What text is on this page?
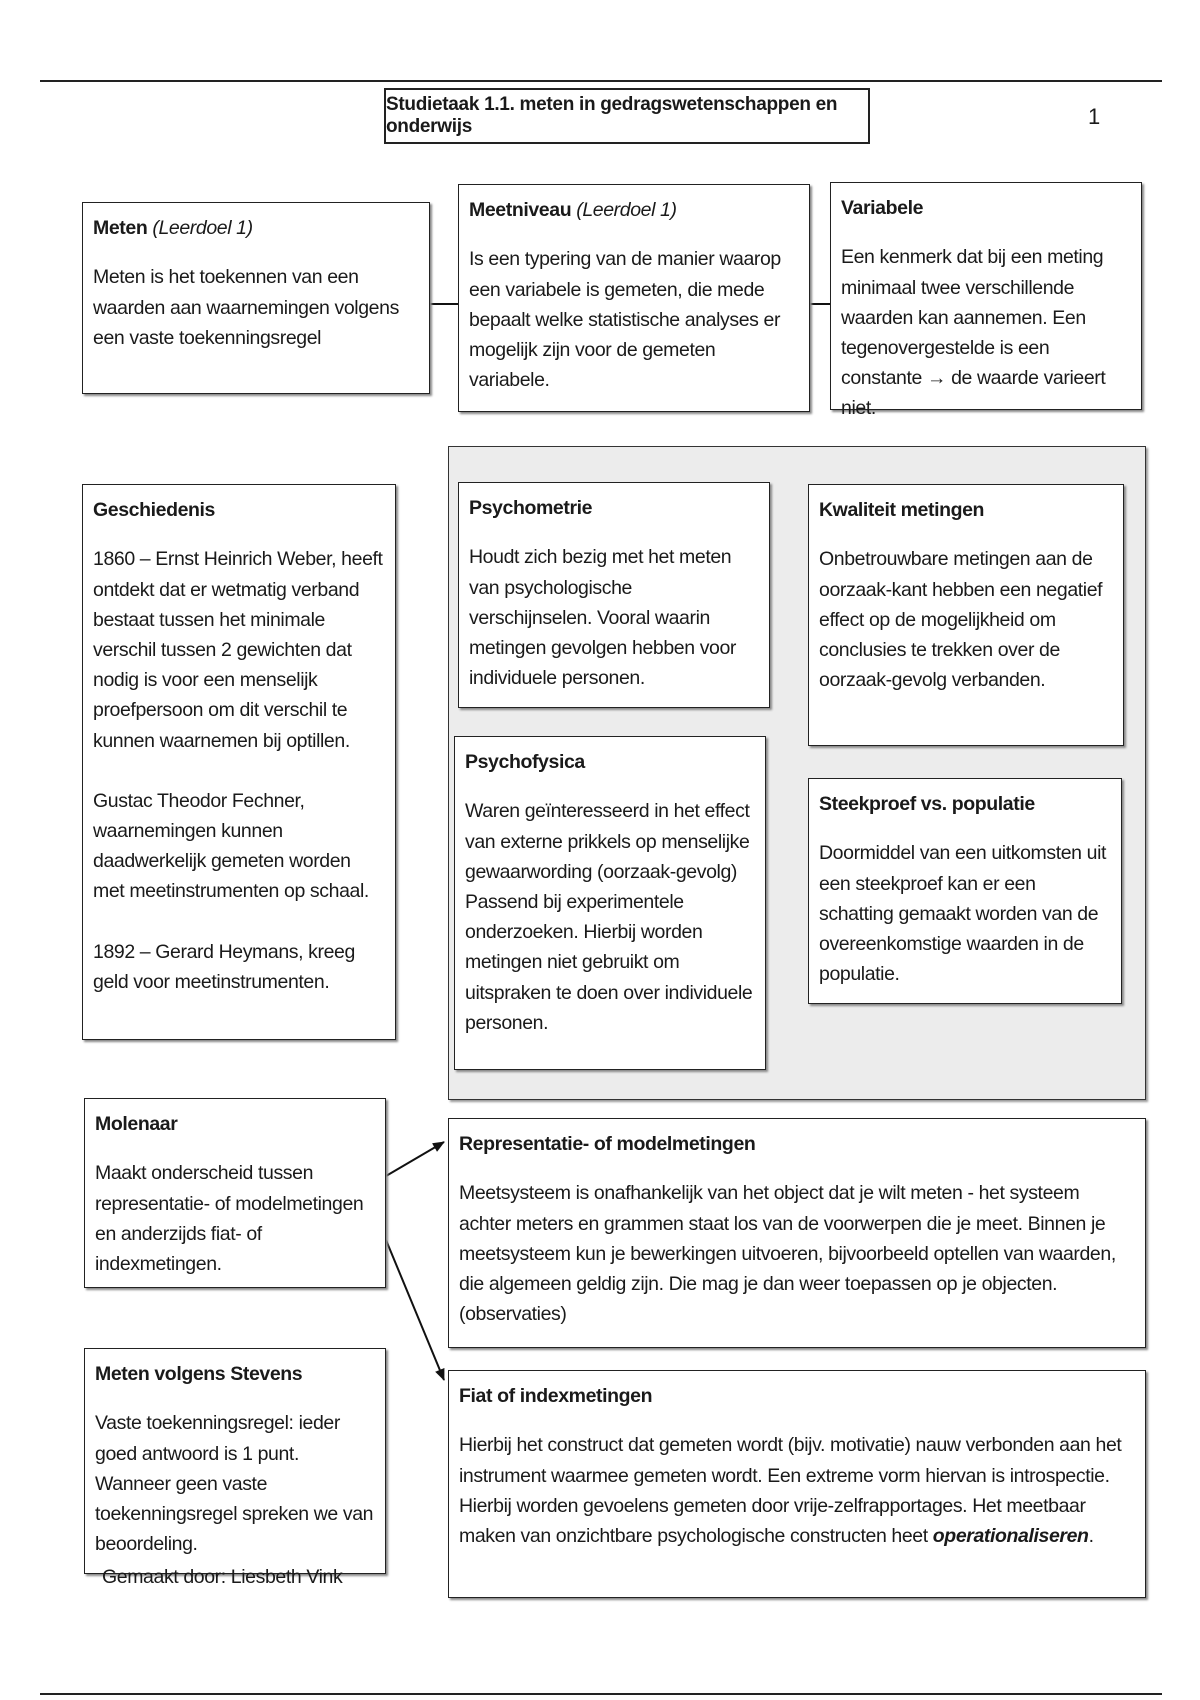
Studietaak 1.1. meten in gedragswetenschappen en onderwijs	1
Meten (Leerdoel 1)

Meten is het toekennen van een waarden aan waarnemingen volgens een vaste toekenningsregel

Meetniveau (Leerdoel 1)

Is een typering van de manier waarop een variabele is gemeten, die mede bepaalt welke statistische analyses er mogelijk zijn voor de gemeten variabele.

Variabele

Een kenmerk dat bij een meting minimaal twee verschillende waarden kan aannemen. Een tegenovergestelde is een constante → de waarde varieert niet.

Geschiedenis

1860 – Ernst Heinrich Weber, heeft ontdekt dat er wetmatig verband bestaat tussen het minimale verschil tussen 2 gewichten dat nodig is voor een menselijk proefpersoon om dit verschil te kunnen waarnemen bij optillen.

Gustac Theodor Fechner, waarnemingen kunnen daadwerkelijk gemeten worden met meetinstrumenten op schaal.

1892 – Gerard Heymans, kreeg geld voor meetinstrumenten.

Psychometrie

Houdt zich bezig met het meten van psychologische verschijnselen. Vooral waarin metingen gevolgen hebben voor individuele personen.

Kwaliteit metingen

Onbetrouwbare metingen aan de oorzaak-kant hebben een negatief effect op de mogelijkheid om conclusies te trekken over de oorzaak-gevolg verbanden.

Psychofysica

Waren geïnteresseerd in het effect van externe prikkels op menselijke gewaarwording (oorzaak-gevolg) Passend bij experimentele onderzoeken. Hierbij worden metingen niet gebruikt om uitspraken te doen over individuele personen.

Steekproef vs. populatie

Doormiddel van een uitkomsten uit een steekproef kan er een schatting gemaakt worden van de overeenkomstige waarden in de populatie.

Molenaar

Maakt onderscheid tussen representatie- of modelmetingen en anderzijds fiat- of indexmetingen.

Representatie- of modelmetingen

Meetsysteem is onafhankelijk van het object dat je wilt meten - het systeem achter meters en grammen staat los van de voorwerpen die je meet. Binnen je meetsysteem kun je bewerkingen uitvoeren, bijvoorbeeld optellen van waarden, die algemeen geldig zijn. Die mag je dan weer toepassen op je objecten. (observaties)

Meten volgens Stevens

Vaste toekenningsregel: ieder goed antwoord is 1 punt. Wanneer geen vaste toekenningsregel spreken we van beoordeling.

Fiat of indexmetingen

Hierbij het construct dat gemeten wordt (bijv. motivatie) nauw verbonden aan het instrument waarmee gemeten wordt. Een extreme vorm hiervan is introspectie. Hierbij worden gevoelens gemeten door vrije-zelfrapportages. Het meetbaar maken van onzichtbare psychologische constructen heet operationaliseren.

Gemaakt door: Liesbeth Vink
